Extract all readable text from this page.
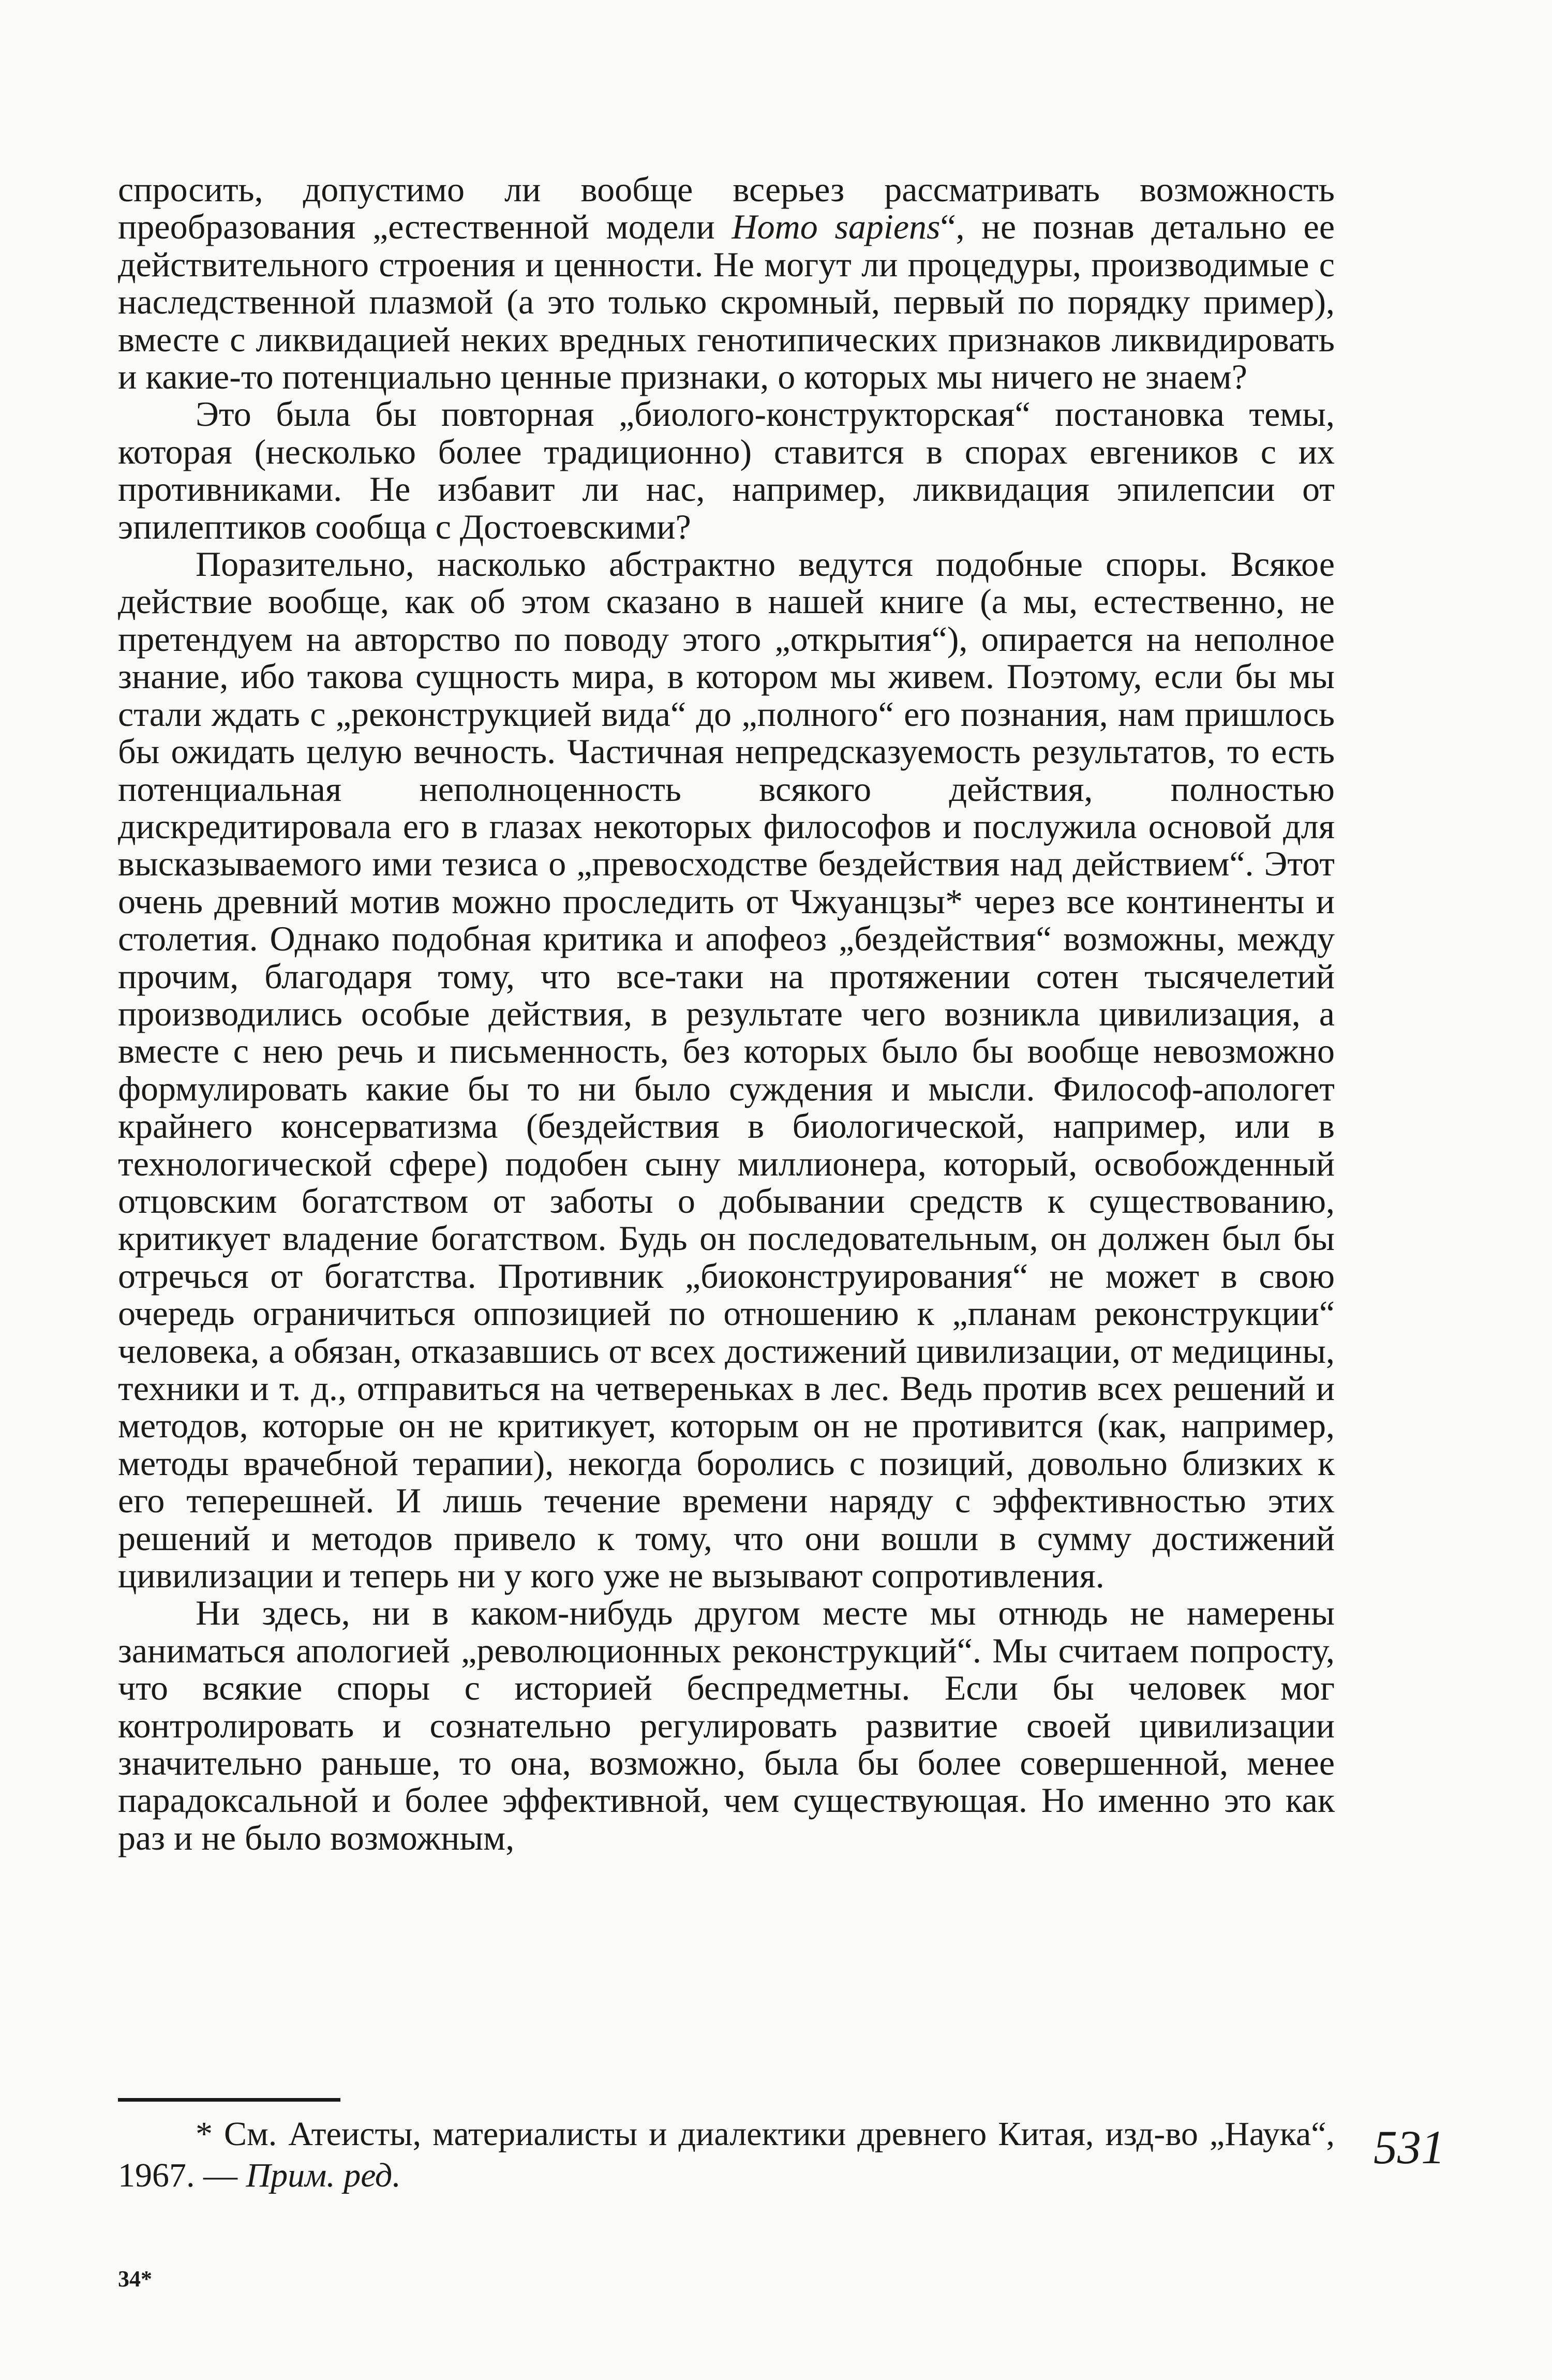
спросить, допустимо ли вообще всерьез рассматривать возможность преобразования „естественной модели Homo sapiens“, не познав детально ее действительного строения и ценности. Не могут ли процедуры, производимые с наследственной плазмой (а это только скромный, первый по порядку пример), вместе с ликвидацией некиx вредных генотипических признаков ликвидировать и какие-то потенциально ценные признаки, о которых мы ничего не знаем?

Это была бы повторная „биолого-конструкторская“ постановка темы, которая (несколько более традиционно) ставится в спорах евгеников с их противниками. Не избавит ли нас, например, ликвидация эпилепсии от эпилептиков сообща с Достоевскими?

Поразительно, насколько абстрактно ведутся подобные споры. Всякое действие вообще, как об этом сказано в нашей книге (а мы, естественно, не претендуем на авторство по поводу этого „открытия“), опирается на неполное знание, ибо такова сущность мира, в котором мы живем. Поэтому, если бы мы стали ждать с „реконструкцией вида“ до „полного“ его познания, нам пришлось бы ожидать целую вечность. Частичная непредсказуемость результатов, то есть потенциальная неполноценность всякого действия, полностью дискредитировала его в глазах некоторых философов и послужила основой для высказываемого ими тезиса о „превосходстве бездействия над действием“. Этот очень древний мотив можно проследить от Чжуанцзы* через все континенты и столетия. Однако подобная критика и апофеоз „бездействия“ возможны, между прочим, благодаря тому, что все-таки на протяжении сотен тысячелетий производились особые действия, в результате чего возникла цивилизация, а вместе с нею речь и письменность, без которых было бы вообще невозможно формулировать какие бы то ни было суждения и мысли. Философ-апологет крайнего консерватизма (бездействия в биологической, например, или в технологической сфере) подобен сыну миллионера, который, освобожденный отцовским богатством от заботы о добывании средств к существованию, критикует владение богатством. Будь он последовательным, он должен был бы отречься от богатства. Противник „биоконструирования“ не может в свою очередь ограничиться оппозицией по отношению к „планам реконструкции“ человека, а обязан, отказавшись от всех достижений цивилизации, от медицины, техники и т. д., отправиться на четвереньках в лес. Ведь против всех решений и методов, которые он не критикует, которым он не противится (как, например, методы врачебной терапии), некогда боролись с позиций, довольно близких к его теперешней. И лишь течение времени наряду с эффективностью этих решений и методов привело к тому, что они вошли в сумму достижений цивилизации и теперь ни у кого уже не вызывают сопротивления.

Ни здесь, ни в каком-нибудь другом месте мы отнюдь не намерены заниматься апологией „революционных реконструкций“. Мы считаем попросту, что всякие споры с историей беспредметны. Если бы человек мог контролировать и сознательно регулировать развитие своей цивилизации значительно раньше, то она, возможно, была бы более совершенной, менее парадоксальной и более эффективной, чем существующая. Но именно это как раз и не было возможным,

* См. Атеисты, материалисты и диалектики древнего Китая, изд-во „Наука“, 1967. — Прим. ред.

531
34*
